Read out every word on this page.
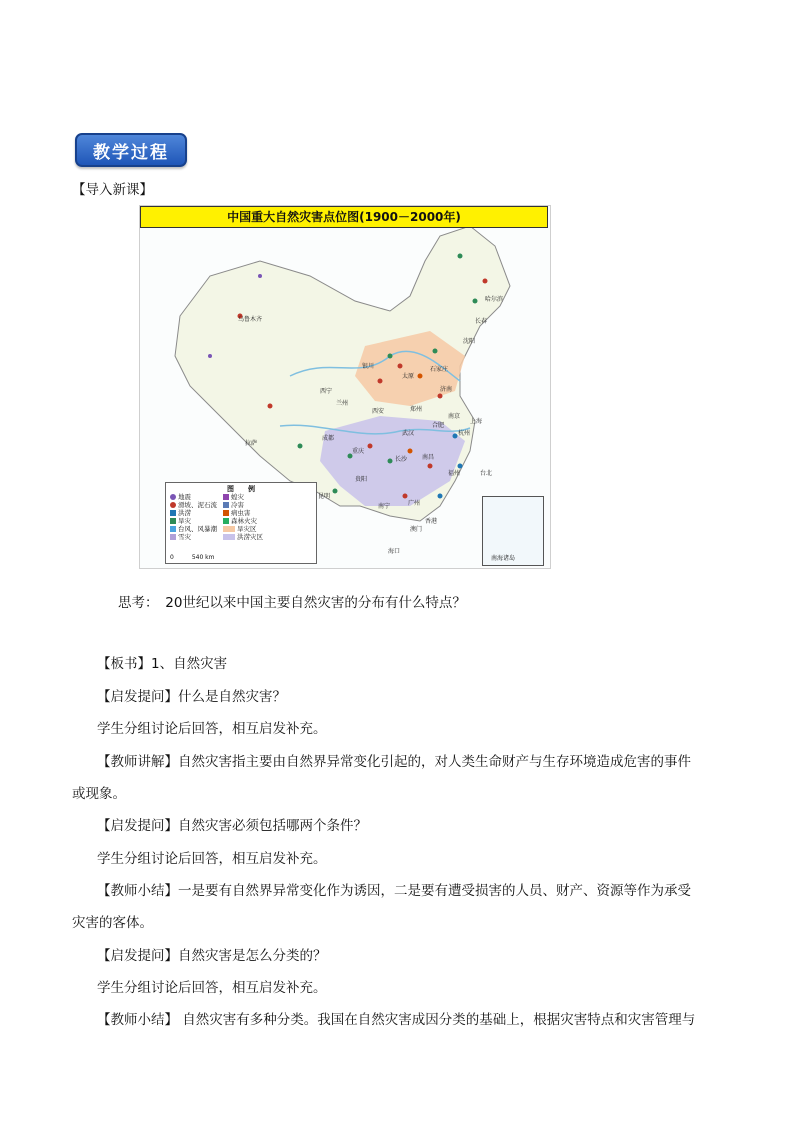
教学过程
【导入新课】
中国重大自然灾害点位图(1900－2000年)
乌鲁木齐
拉萨
成都
西宁
兰州
银川
太原
石家庄
西安	郑州
济南
武汉
长沙 南昌
杭州
上海
南京
合肥
福州
广州
南宁
昆明
贵阳
重庆
长春
沈阳
哈尔滨
海口
香港
澳门
台北
图　　例
地震
滑坡、泥石流
洪涝
旱灾
台风、风暴潮
雪灾
蝗灾
冷害
病虫害
森林火灾
旱灾区
洪涝灾区
0　　　540 km	南海诸岛

思考：　20世纪以来中国主要自然灾害的分布有什么特点？

【板书】1、自然灾害

【启发提问】什么是自然灾害？

学生分组讨论后回答，相互启发补充。

【教师讲解】自然灾害指主要由自然界异常变化引起的，对人类生命财产与生存环境造成危害的事件

或现象。

【启发提问】自然灾害必须包括哪两个条件？

学生分组讨论后回答，相互启发补充。

【教师小结】一是要有自然界异常变化作为诱因，二是要有遭受损害的人员、财产、资源等作为承受

灾害的客体。

【启发提问】自然灾害是怎么分类的？

学生分组讨论后回答，相互启发补充。

【教师小结】 自然灾害有多种分类。我国在自然灾害成因分类的基础上，根据灾害特点和灾害管理与
